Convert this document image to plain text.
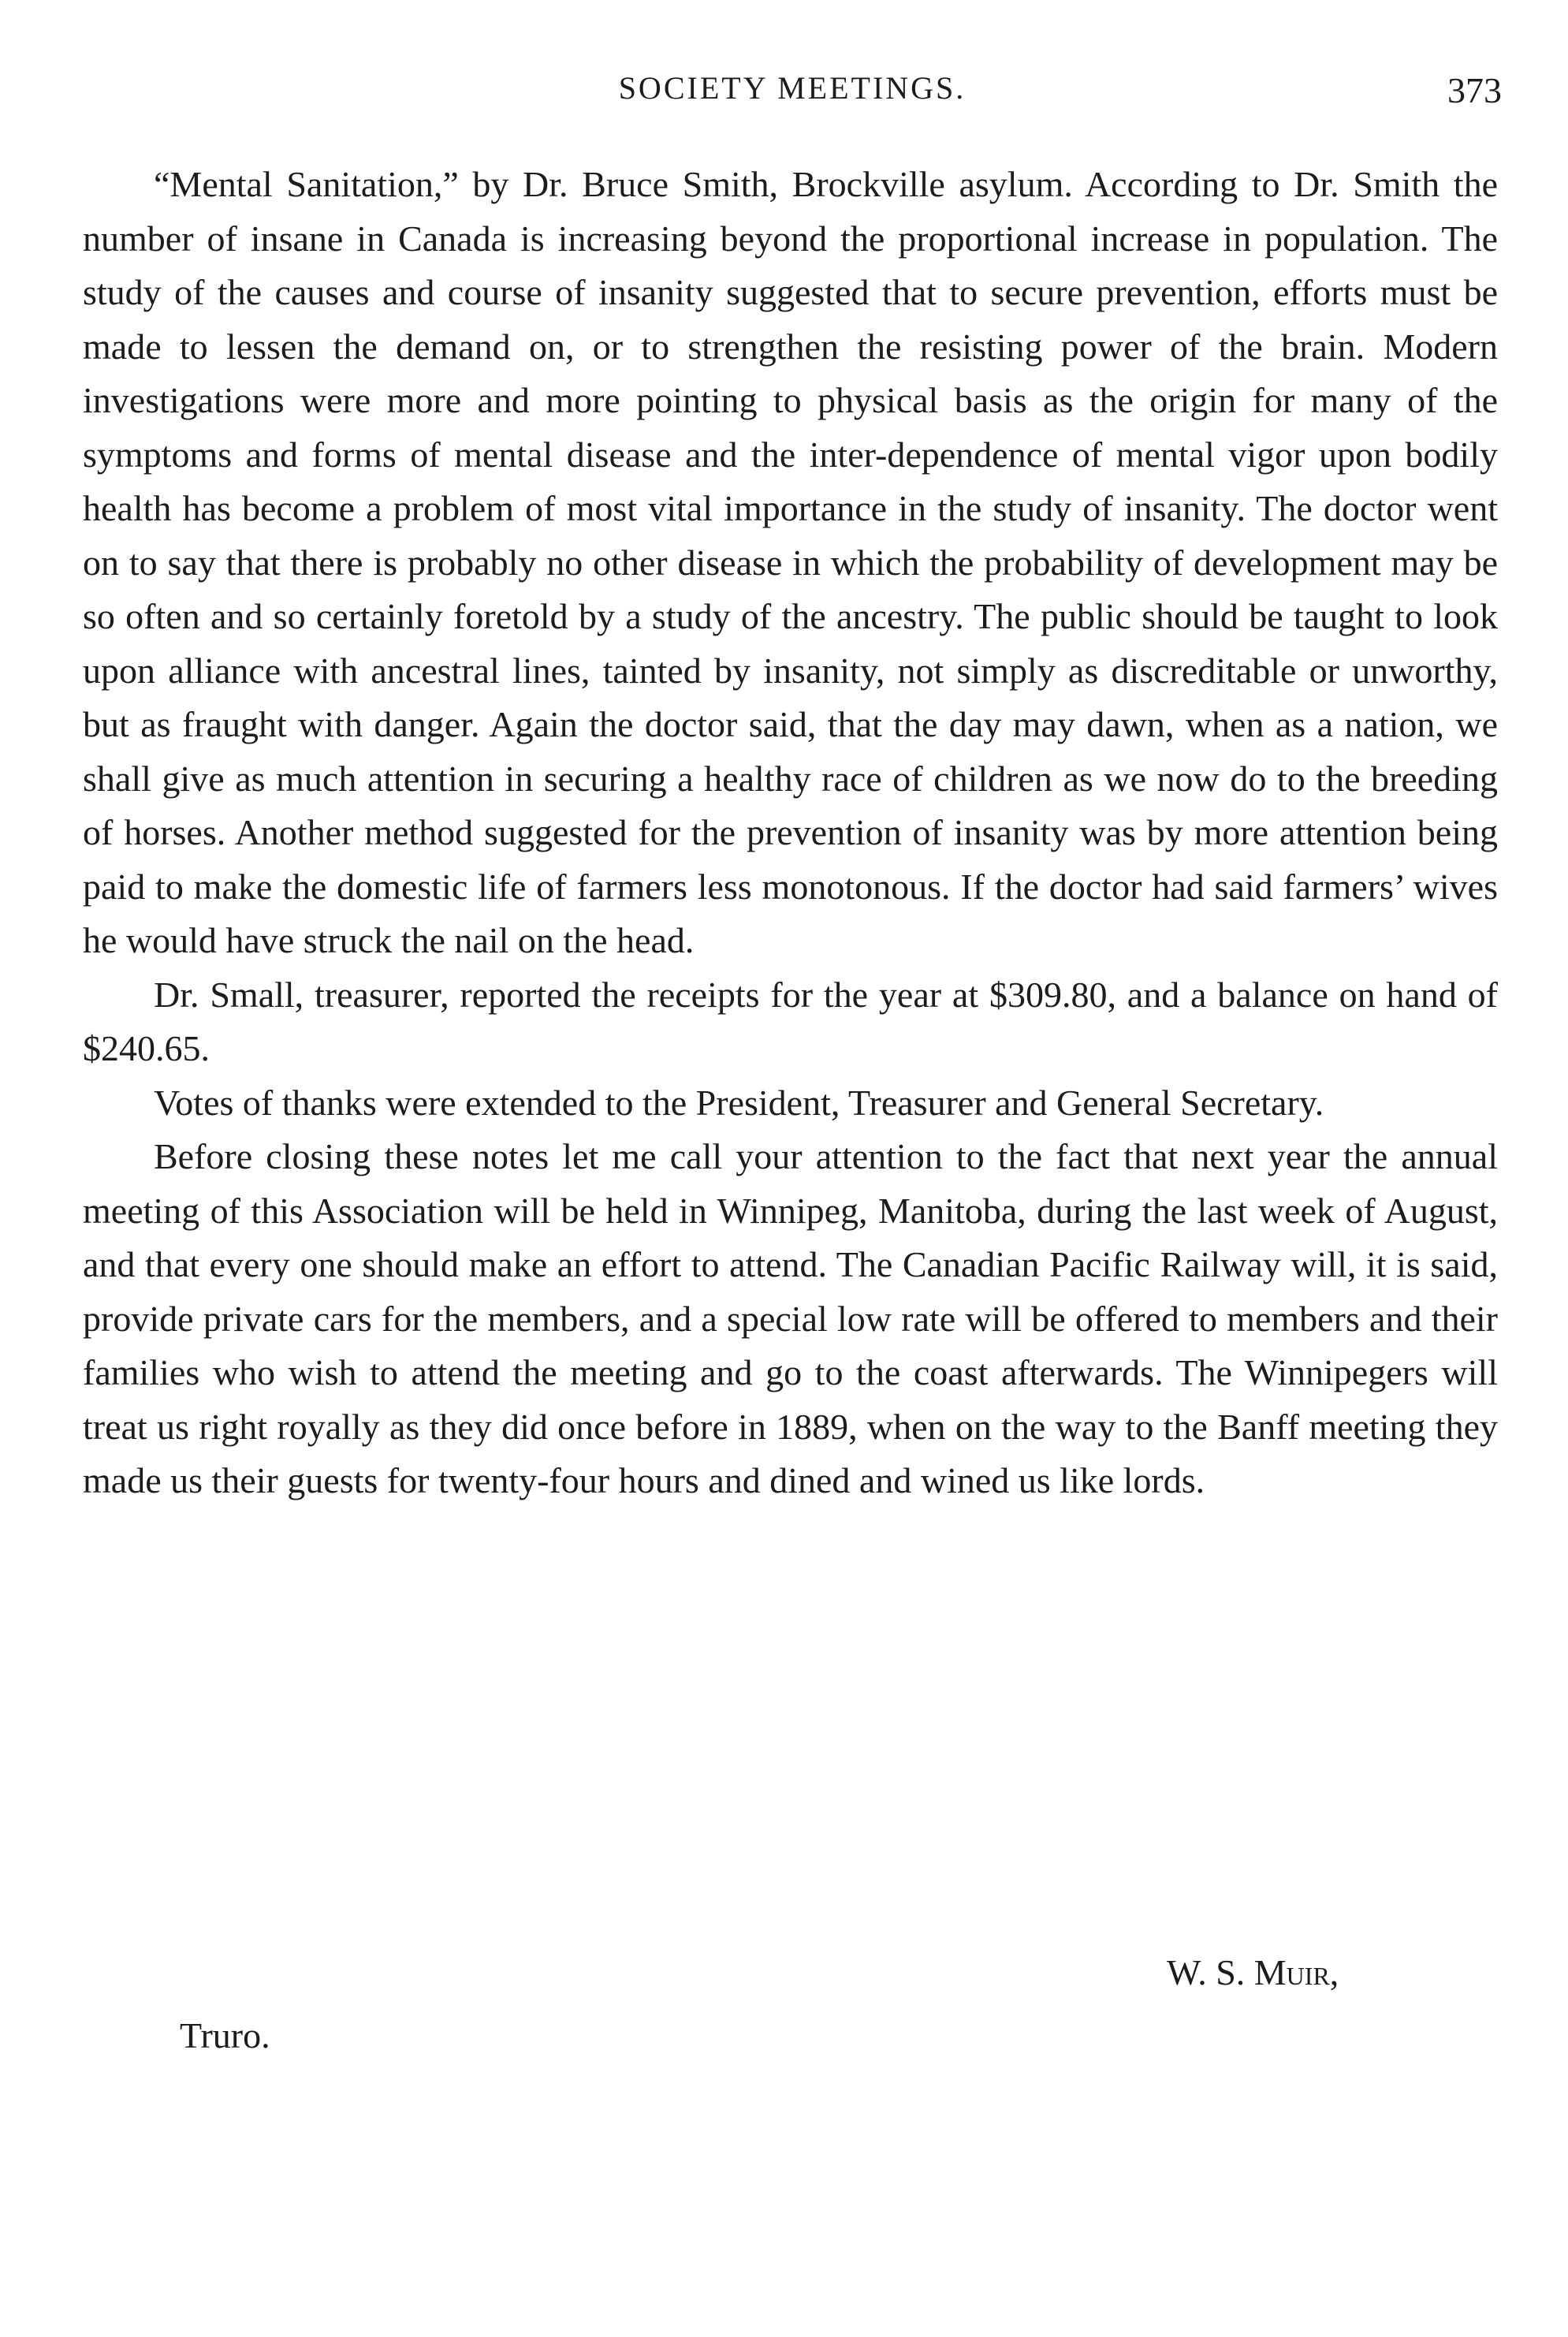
SOCIETY MEETINGS.	373

“Mental Sanitation,” by Dr. Bruce Smith, Brockville asylum. According to Dr. Smith the number of insane in Canada is increasing beyond the proportional increase in population. The study of the causes and course of insanity suggested that to secure prevention, efforts must be made to lessen the demand on, or to strengthen the resisting power of the brain. Modern investigations were more and more pointing to physical basis as the origin for many of the symptoms and forms of mental disease and the inter-dependence of mental vigor upon bodily health has become a problem of most vital importance in the study of insanity. The doctor went on to say that there is probably no other disease in which the probability of development may be so often and so certainly foretold by a study of the ancestry. The public should be taught to look upon alliance with ancestral lines, tainted by insanity, not simply as discreditable or unworthy, but as fraught with danger. Again the doctor said, that the day may dawn, when as a nation, we shall give as much attention in securing a healthy race of children as we now do to the breeding of horses. Another method suggested for the prevention of insanity was by more attention being paid to make the domestic life of farmers less monotonous. If the doctor had said farmers’ wives he would have struck the nail on the head.

Dr. Small, treasurer, reported the receipts for the year at $309.80, and a balance on hand of $240.65.

Votes of thanks were extended to the President, Treasurer and General Secretary.

Before closing these notes let me call your attention to the fact that next year the annual meeting of this Association will be held in Winnipeg, Manitoba, during the last week of August, and that every one should make an effort to attend. The Canadian Pacific Railway will, it is said, provide private cars for the members, and a special low rate will be offered to members and their families who wish to attend the meeting and go to the coast afterwards. The Winnipegers will treat us right royally as they did once before in 1889, when on the way to the Banff meeting they made us their guests for twenty-four hours and dined and wined us like lords.

W. S. Muir,
Truro.
